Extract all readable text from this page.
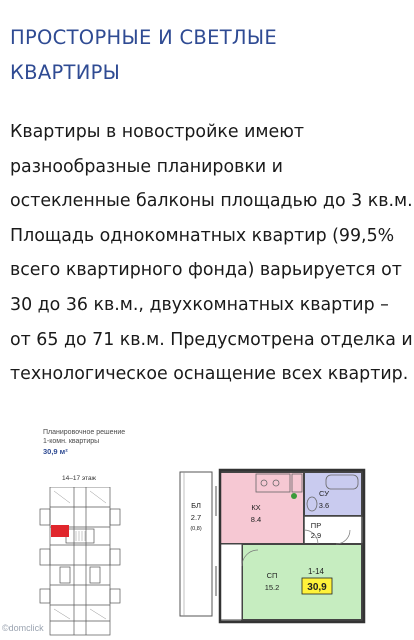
ПРОСТОРНЫЕ И СВЕТЛЫЕ
КВАРТИРЫ

Квартиры в новостройке имеют
разнообразные планировки и
остекленные балконы площадью до 3 кв.м.
Площадь однокомнатных квартир (99,5%
всего квартирного фонда) варьируется от
30 до 36 кв.м., двухкомнатных квартир –
от 65 до 71 кв.м. Предусмотрена отделка и
технологическое оснащение всех квартир.

Планировочное решение
1-комн. квартиры
30,9 м²
14–17 этаж
БЛ
2.7
(0,8)
КХ
8.4
СУ
3.6
ПР
2.9
СП
15.2
1-14
30,9
©domclick
